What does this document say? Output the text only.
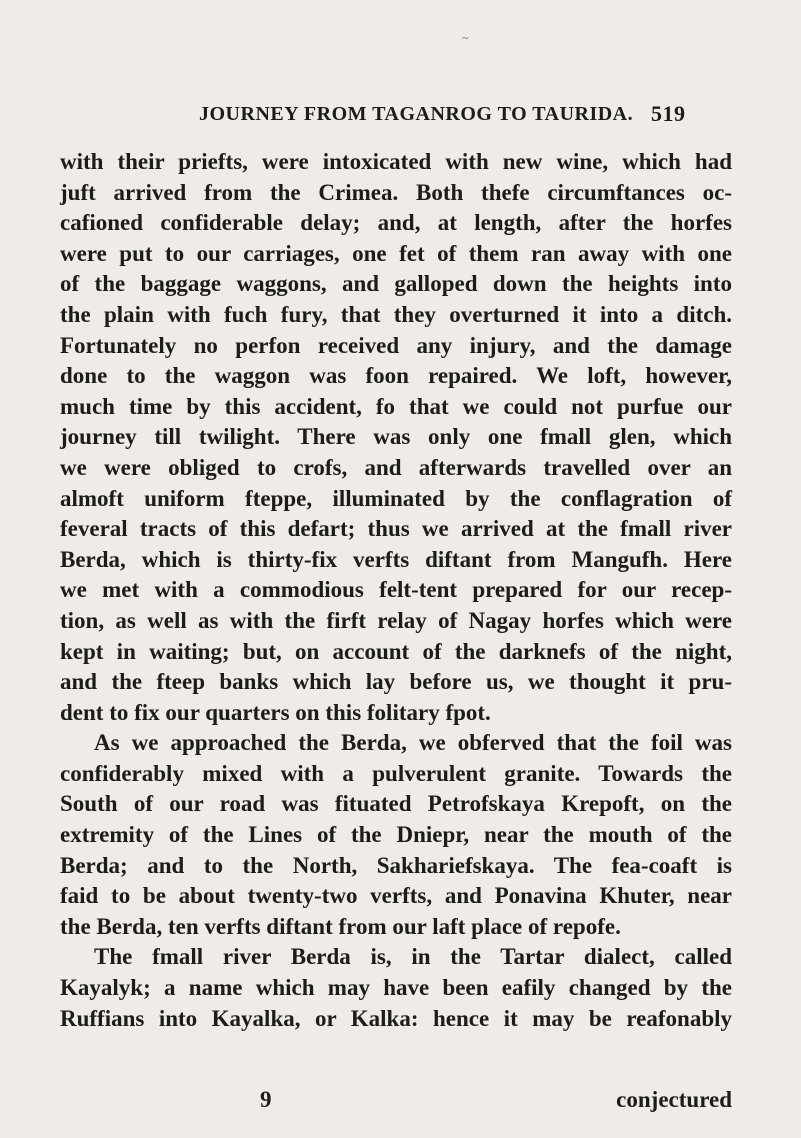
~
JOURNEY FROM TAGANROG TO TAURIDA. 519
with their priefts, were intoxicated with new wine, which had
juft arrived from the Crimea. Both thefe circumftances oc-
cafioned confiderable delay; and, at length, after the horfes
were put to our carriages, one fet of them ran away with one
of the baggage waggons, and galloped down the heights into
the plain with fuch fury, that they overturned it into a ditch.
Fortunately no perfon received any injury, and the damage
done to the waggon was foon repaired. We loft, however,
much time by this accident, fo that we could not purfue our
journey till twilight. There was only one fmall glen, which
we were obliged to crofs, and afterwards travelled over an
almoft uniform fteppe, illuminated by the conflagration of
feveral tracts of this defart; thus we arrived at the fmall river
Berda, which is thirty-fix verfts diftant from Mangufh. Here
we met with a commodious felt-tent prepared for our recep-
tion, as well as with the firft relay of Nagay horfes which were
kept in waiting; but, on account of the darknefs of the night,
and the fteep banks which lay before us, we thought it pru-
dent to fix our quarters on this folitary fpot.
As we approached the Berda, we obferved that the foil was
confiderably mixed with a pulverulent granite. Towards the
South of our road was fituated Petrofskaya Krepoft, on the
extremity of the Lines of the Dniepr, near the mouth of the
Berda; and to the North, Sakhariefskaya. The fea-coaft is
faid to be about twenty-two verfts, and Ponavina Khuter, near
the Berda, ten verfts diftant from our laft place of repofe.
The fmall river Berda is, in the Tartar dialect, called
Kayalyk; a name which may have been eafily changed by the
Ruffians into Kayalka, or Kalka: hence it may be reafonably
9	conjectured
